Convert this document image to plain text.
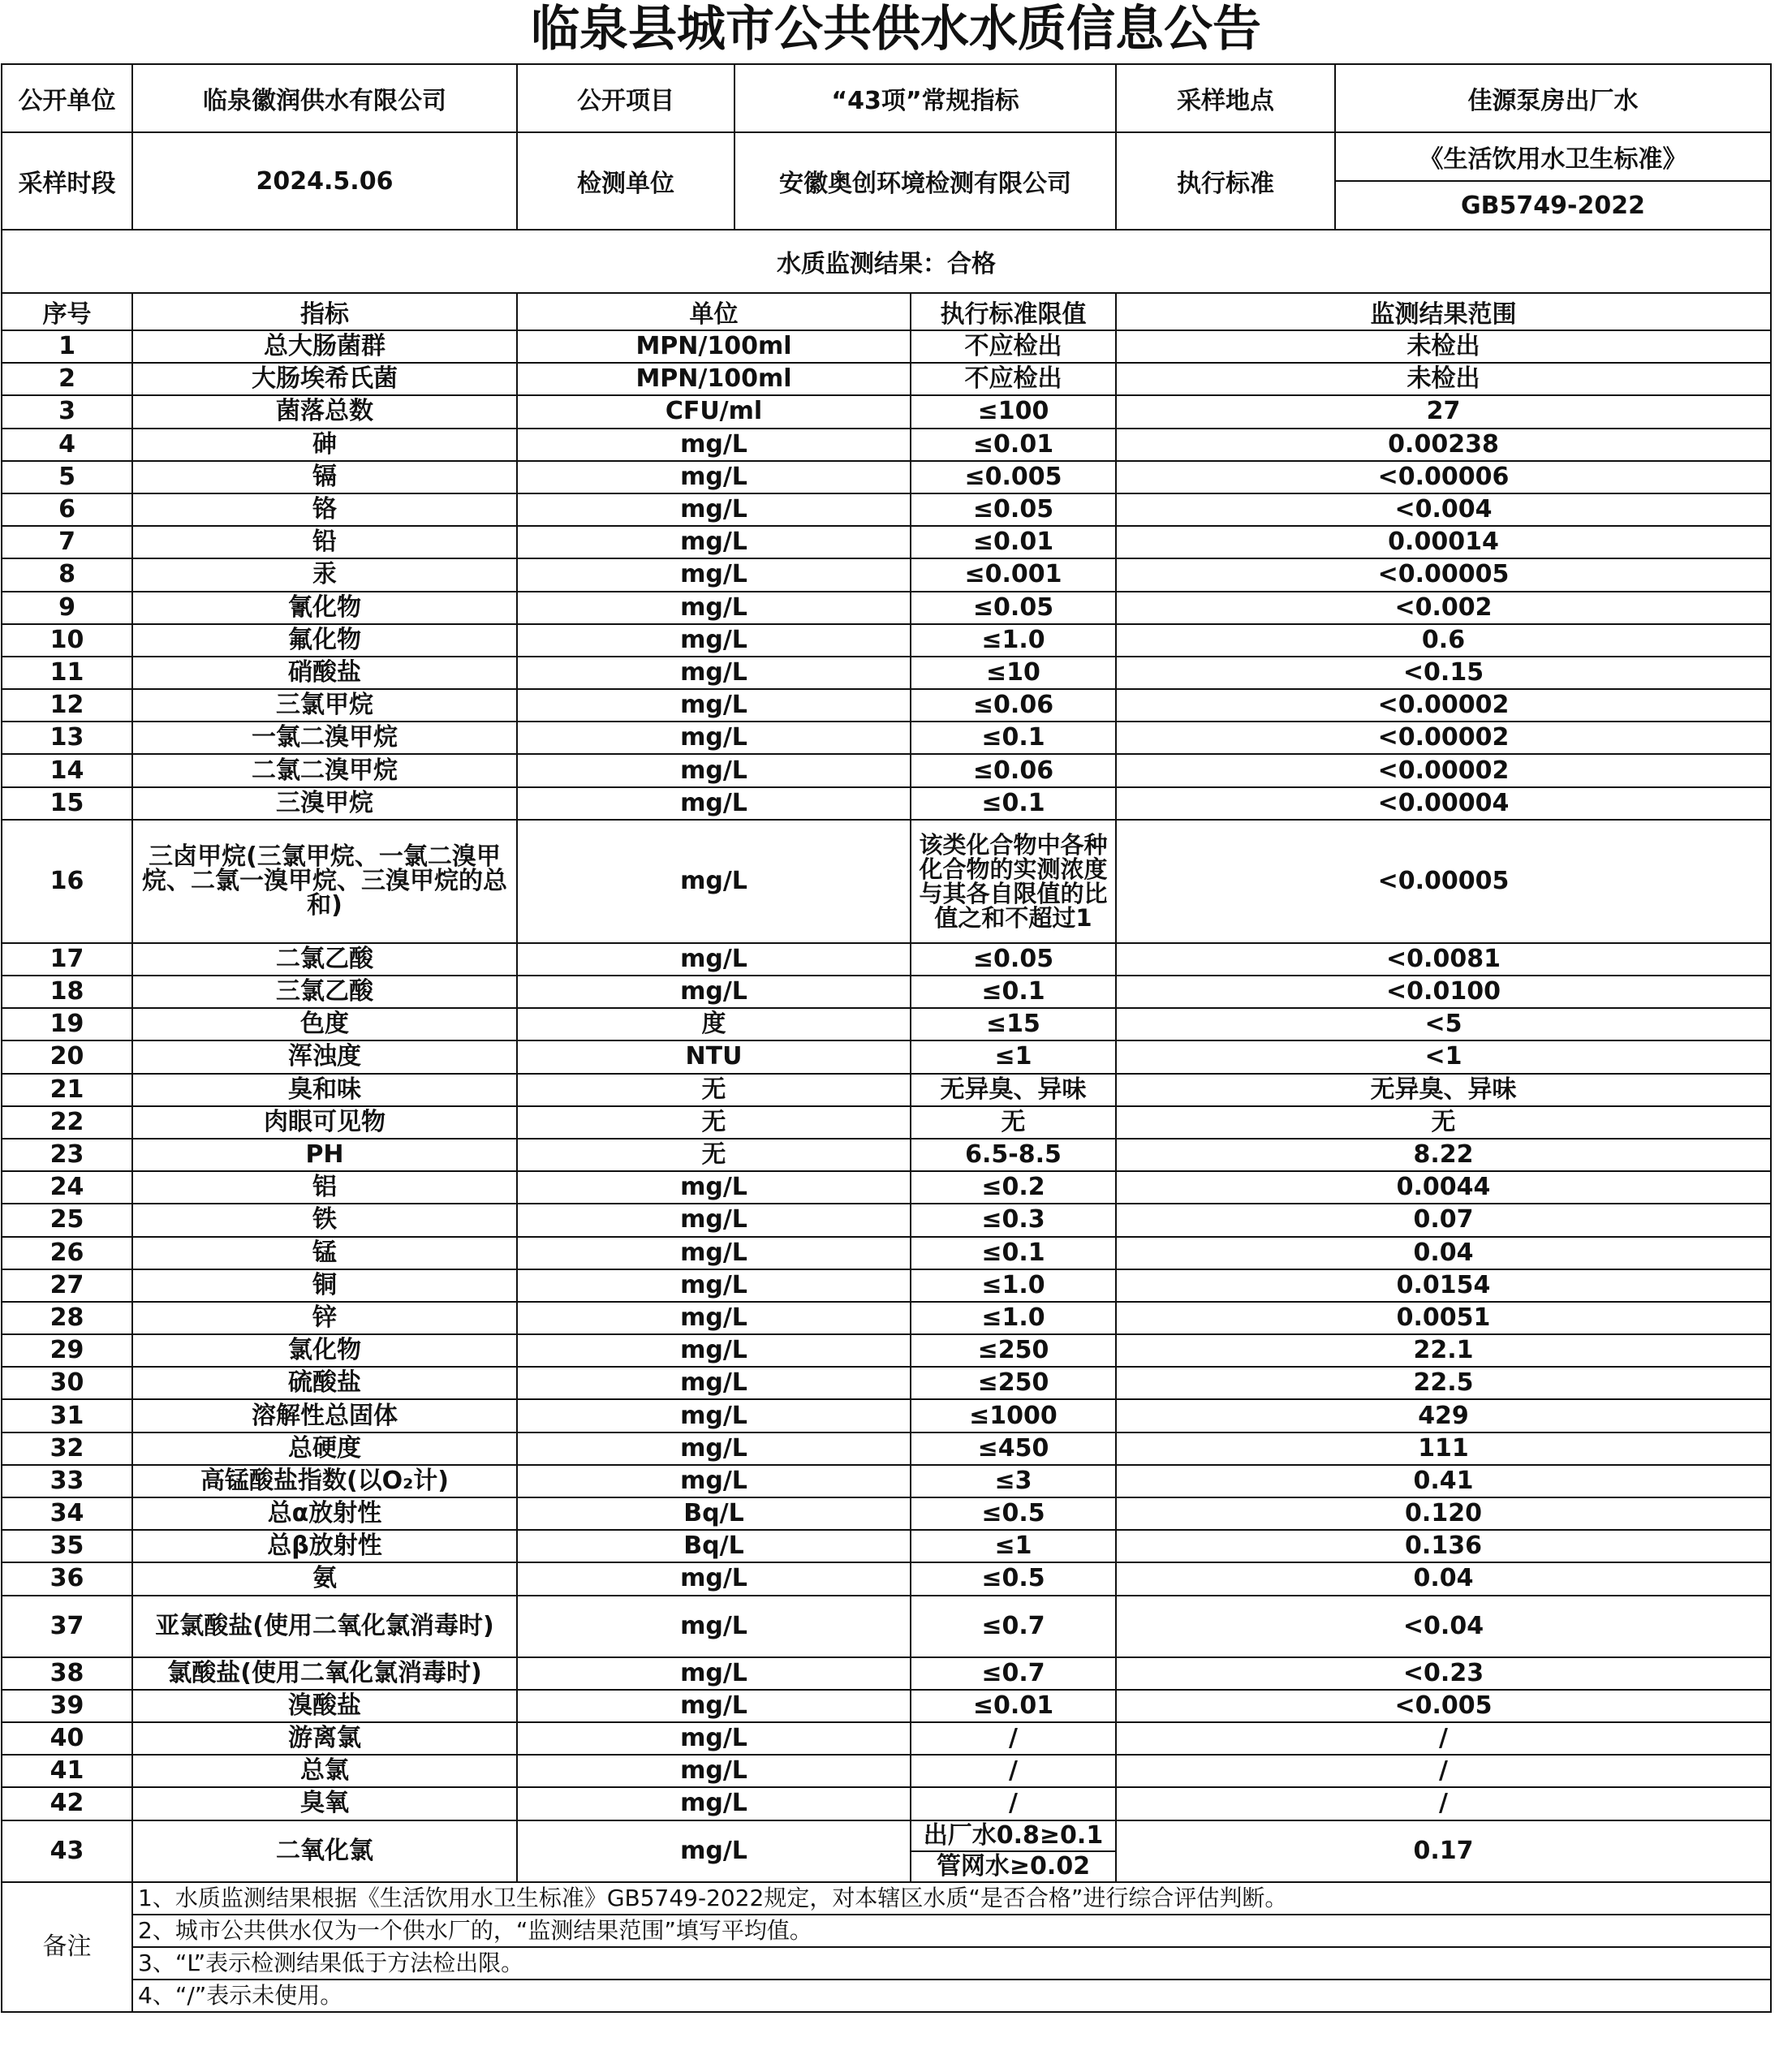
临泉县城市公共供水水质信息公告
公开单位	临泉徽润供水有限公司	公开项目	“43项”常规指标		采样地点	佳源泵房出厂水
采样时段	2024.5.06	检测单位	安徽奥创环境检测有限公司		执行标准	《生活饮用水卫生标准》
						GB5749-2022
水质监测结果：合格						
序号	指标	单位		执行标准限值	监测结果范围	
1	总大肠菌群	MPN/100ml		不应检出	未检出	
2	大肠埃希氏菌	MPN/100ml		不应检出	未检出	
3	菌落总数	CFU/ml		≤100	27	
4	砷	mg/L		≤0.01	0.00238	
5	镉	mg/L		≤0.005	<0.00006	
6	铬	mg/L		≤0.05	<0.004	
7	铅	mg/L		≤0.01	0.00014	
8	汞	mg/L		≤0.001	<0.00005	
9	氰化物	mg/L		≤0.05	<0.002	
10	氟化物	mg/L		≤1.0	0.6	
11	硝酸盐	mg/L		≤10	<0.15	
12	三氯甲烷	mg/L		≤0.06	<0.00002	
13	一氯二溴甲烷	mg/L		≤0.1	<0.00002	
14	二氯二溴甲烷	mg/L		≤0.06	<0.00002	
15	三溴甲烷	mg/L		≤0.1	<0.00004	
16	三卤甲烷(三氯甲烷、一氯二溴甲烷、二氯一溴甲烷、三溴甲烷的总和)	mg/L		该类化合物中各种化合物的实测浓度与其各自限值的比值之和不超过1	<0.00005	
17	二氯乙酸	mg/L		≤0.05	<0.0081	
18	三氯乙酸	mg/L		≤0.1	<0.0100	
19	色度	度		≤15	<5	
20	浑浊度	NTU		≤1	<1	
21	臭和味	无		无异臭、异味	无异臭、异味	
22	肉眼可见物	无		无	无	
23	PH	无		6.5-8.5	8.22	
24	铝	mg/L		≤0.2	0.0044	
25	铁	mg/L		≤0.3	0.07	
26	锰	mg/L		≤0.1	0.04	
27	铜	mg/L		≤1.0	0.0154	
28	锌	mg/L		≤1.0	0.0051	
29	氯化物	mg/L		≤250	22.1	
30	硫酸盐	mg/L		≤250	22.5	
31	溶解性总固体	mg/L		≤1000	429	
32	总硬度	mg/L		≤450	111	
33	高锰酸盐指数(以O₂计)	mg/L		≤3	0.41	
34	总α放射性	Bq/L		≤0.5	0.120	
35	总β放射性	Bq/L		≤1	0.136	
36	氨	mg/L		≤0.5	0.04	
37	亚氯酸盐(使用二氧化氯消毒时)	mg/L		≤0.7	<0.04	
38	氯酸盐(使用二氧化氯消毒时)	mg/L		≤0.7	<0.23	
39	溴酸盐	mg/L		≤0.01	<0.005	
40	游离氯	mg/L		/	/	
41	总氯	mg/L		/	/	
42	臭氧	mg/L		/	/	
43	二氧化氯	mg/L		出厂水0.8≥0.1	0.17	
				管网水≥0.02		
备注	1、水质监测结果根据《生活饮用水卫生标准》GB5749-2022规定，对本辖区水质“是否合格”进行综合评估判断。					
	2、城市公共供水仅为一个供水厂的，“监测结果范围”填写平均值。					
	3、“L”表示检测结果低于方法检出限。					
	4、“/”表示未使用。					
